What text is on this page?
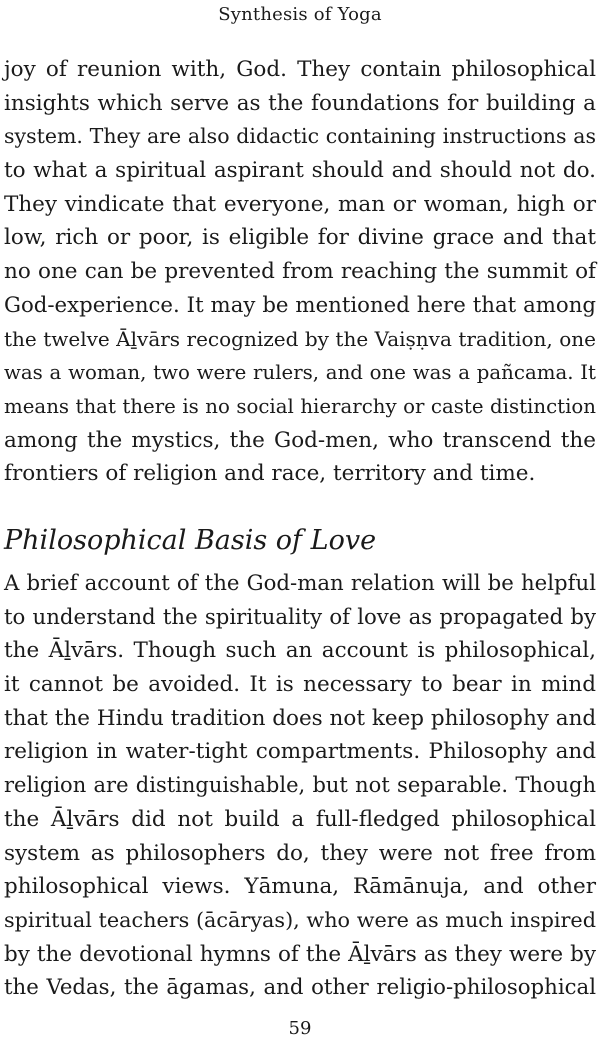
Synthesis of Yoga
joy of reunion with, God. They contain philosophical
insights which serve as the foundations for building a
system. They are also didactic containing instructions as
to what a spiritual aspirant should and should not do.
They vindicate that everyone, man or woman, high or
low, rich or poor, is eligible for divine grace and that
no one can be prevented from reaching the summit of
God-experience. It may be mentioned here that among
the twelve Āḻvārs recognized by the Vaiṣṇva tradition, one
was a woman, two were rulers, and one was a pañcama. It
means that there is no social hierarchy or caste distinction
among the mystics, the God-men, who transcend the
frontiers of religion and race, territory and time.
Philosophical Basis of Love
A brief account of the God-man relation will be helpful
to understand the spirituality of love as propagated by
the Āḻvārs. Though such an account is philosophical,
it cannot be avoided. It is necessary to bear in mind
that the Hindu tradition does not keep philosophy and
religion in water-tight compartments. Philosophy and
religion are distinguishable, but not separable. Though
the Āḻvārs did not build a full-fledged philosophical
system as philosophers do, they were not free from
philosophical views. Yāmuna, Rāmānuja, and other
spiritual teachers (ācāryas), who were as much inspired
by the devotional hymns of the Āḻvārs as they were by
the Vedas, the āgamas, and other religio-philosophical
59
